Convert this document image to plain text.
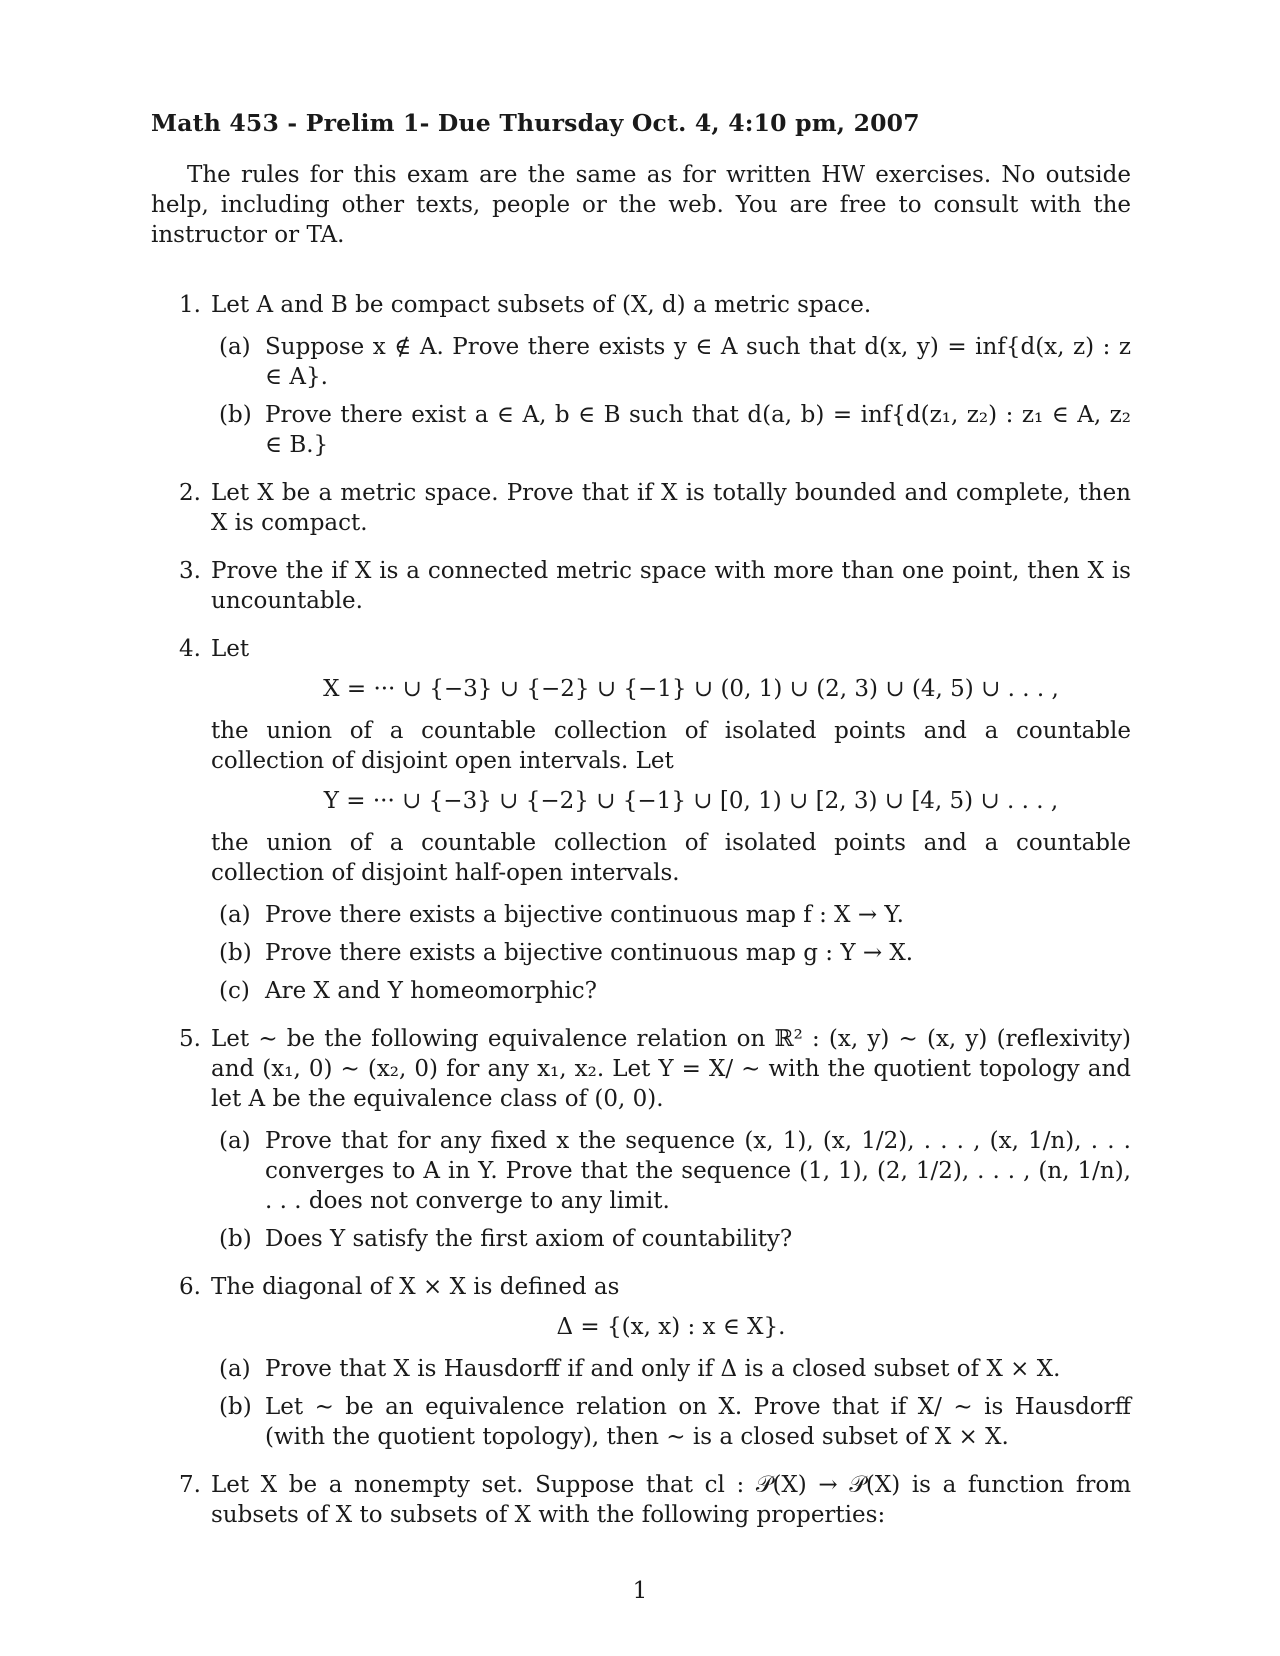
Math 453 - Prelim 1- Due Thursday Oct. 4, 4:10 pm, 2007

The rules for this exam are the same as for written HW exercises. No outside help, including other texts, people or the web. You are free to consult with the instructor or TA.

1. Let A and B be compact subsets of (X, d) a metric space.

(a) Suppose x ∉ A. Prove there exists y ∈ A such that d(x, y) = inf{d(x, z) : z ∈ A}.
(b) Prove there exist a ∈ A, b ∈ B such that d(a, b) = inf{d(z₁, z₂) : z₁ ∈ A, z₂ ∈ B.}
2. Let X be a metric space. Prove that if X is totally bounded and complete, then X is compact.

3. Prove the if X is a connected metric space with more than one point, then X is uncountable.

4. Let

X = ··· ∪ {−3} ∪ {−2} ∪ {−1} ∪ (0, 1) ∪ (2, 3) ∪ (4, 5) ∪ . . . ,

the union of a countable collection of isolated points and a countable collection of disjoint open intervals. Let

Y = ··· ∪ {−3} ∪ {−2} ∪ {−1} ∪ [0, 1) ∪ [2, 3) ∪ [4, 5) ∪ . . . ,

the union of a countable collection of isolated points and a countable collection of disjoint half-open intervals.

(a) Prove there exists a bijective continuous map f : X → Y.
(b) Prove there exists a bijective continuous map g : Y → X.
(c) Are X and Y homeomorphic?
5. Let ∼ be the following equivalence relation on ℝ² : (x, y) ∼ (x, y) (reflexivity) and (x₁, 0) ∼ (x₂, 0) for any x₁, x₂. Let Y = X/ ∼ with the quotient topology and let A be the equivalence class of (0, 0).

(a) Prove that for any fixed x the sequence (x, 1), (x, 1/2), . . . , (x, 1/n), . . . converges to A in Y. Prove that the sequence (1, 1), (2, 1/2), . . . , (n, 1/n), . . . does not converge to any limit.
(b) Does Y satisfy the first axiom of countability?
6. The diagonal of X × X is defined as

Δ = {(x, x) : x ∈ X}.
(a) Prove that X is Hausdorff if and only if Δ is a closed subset of X × X.
(b) Let ∼ be an equivalence relation on X. Prove that if X/ ∼ is Hausdorff (with the quotient topology), then ∼ is a closed subset of X × X.
7. Let X be a nonempty set. Suppose that cl : 𝒫(X) → 𝒫(X) is a function from subsets of X to subsets of X with the following properties:

1
